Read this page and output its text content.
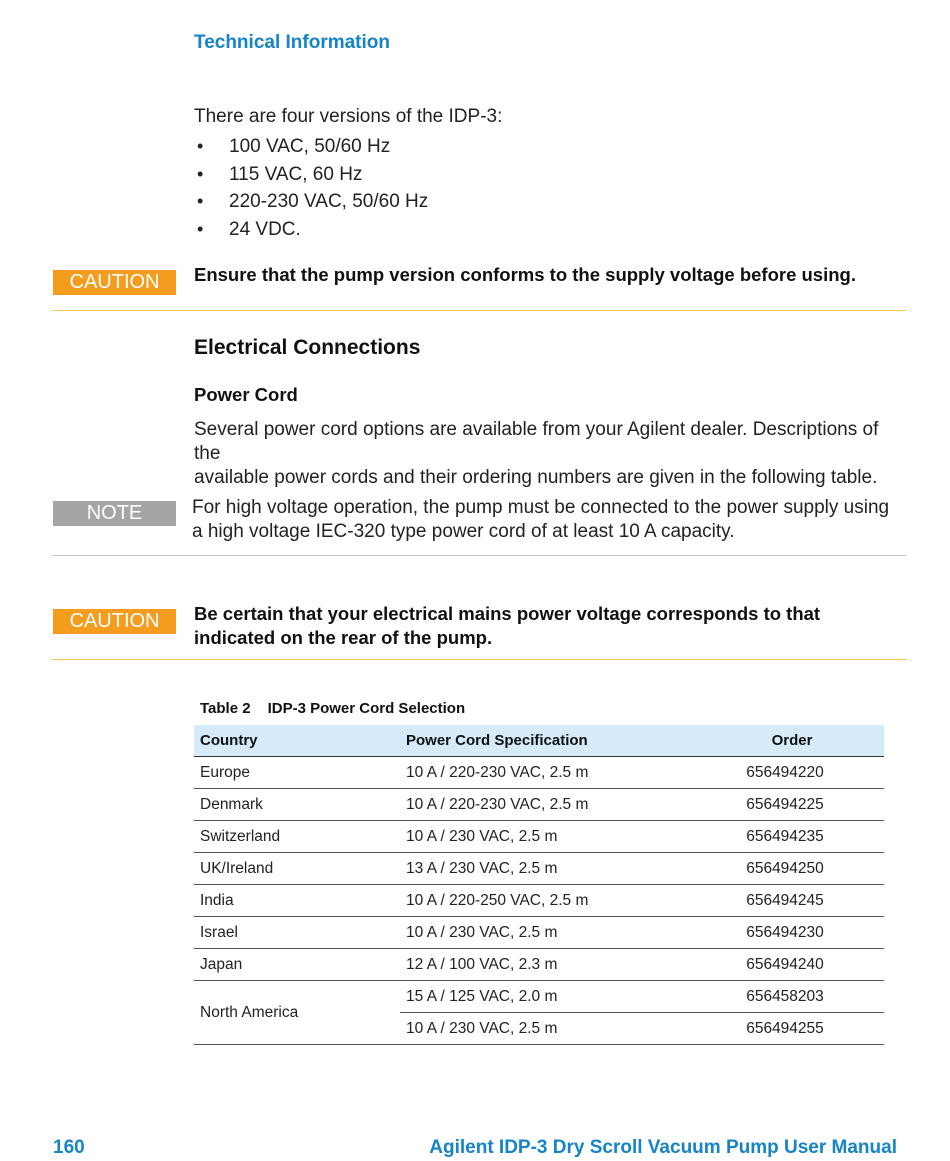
Technical Information
There are four versions of the IDP-3:
• 100 VAC, 50/60 Hz
• 115 VAC, 60 Hz
• 220-230 VAC, 50/60 Hz
• 24 VDC.
CAUTION	Ensure that the pump version conforms to the supply voltage before using.
Electrical Connections
Power Cord
Several power cord options are available from your Agilent dealer. Descriptions of the
available power cords and their ordering numbers are given in the following table.
NOTE	For high voltage operation, the pump must be connected to the power supply using
a high voltage IEC-320 type power cord of at least 10 A capacity.
CAUTION	Be certain that your electrical mains power voltage corresponds to that
indicated on the rear of the pump.
Table 2 IDP-3 Power Cord Selection
Country	Power Cord Specification	Order
Europe	10 A / 220-230 VAC, 2.5 m	656494220
Denmark	10 A / 220-230 VAC, 2.5 m	656494225
Switzerland	10 A / 230 VAC, 2.5 m	656494235
UK/Ireland	13 A / 230 VAC, 2.5 m	656494250
India	10 A / 220-250 VAC, 2.5 m	656494245
Israel	10 A / 230 VAC, 2.5 m	656494230
Japan	12 A / 100 VAC, 2.3 m	656494240
North America	15 A / 125 VAC, 2.0 m	656458203
	10 A / 230 VAC, 2.5 m	656494255
160	Agilent IDP-3 Dry Scroll Vacuum Pump User Manual
